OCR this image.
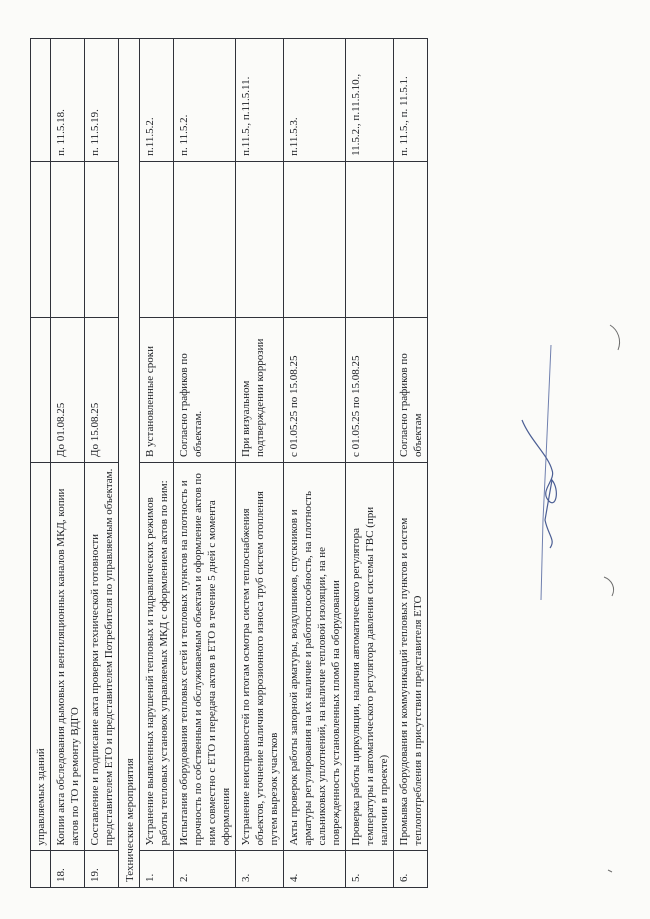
	управляемых зданий			
18.	Копии акта обследования дымовых и вентиляционных каналов МКД, копии актов по ТО и ремонту ВДГО	До 01.08.25		п. 11.5.18.
19.	Составление и подписание акта проверки технической готовности представителем ЕТО и представителем Потребителя по управляемым объектам.	До 15.08.25		п. 11.5.19.
Технические мероприятия				
1.	Устранение выявленных нарушений тепловых и гидравлических режимов работы тепловых установок управляемых МКД с оформлением актов по ним:	В установленные сроки		п.11.5.2.
2.	Испытания оборудования тепловых сетей и тепловых пунктов на плотность и прочность по собственным и обслуживаемым объектам и оформление актов по ним совместно с ЕТО и передача актов в ЕТО в течение 5 дней с момента оформления	Согласно графиков по объектам.		п. 11.5.2.
3.	Устранение неисправностей по итогам осмотра систем теплоснабжения объектов, уточнение наличия коррозионного износа труб систем отопления путем вырезок участков	При визуальном подтверждении коррозии		п.11.5., п.11.5.11.
4.	Акты проверок работы запорной арматуры, воздушников, спускников и арматуры регулирования на их наличие и работоспособность, на плотность сальниковых уплотнений, на наличие тепловой изоляции, на не поврежденность установленных пломб на оборудовании	с 01.05.25 по 15.08.25		п.11.5.3.
5.	Проверка работы циркуляции, наличия автоматического регулятора температуры и автоматического регулятора давления системы ГВС (при наличии в проекте)	с 01.05.25 по 15.08.25		11.5.2., п.11.5.10.,
6.	Промывка оборудования и коммуникаций тепловых пунктов и систем теплопотребления в присутствии представителя ЕТО	Согласно графиков по объектам		п. 11.5., п. 11.5.1.
